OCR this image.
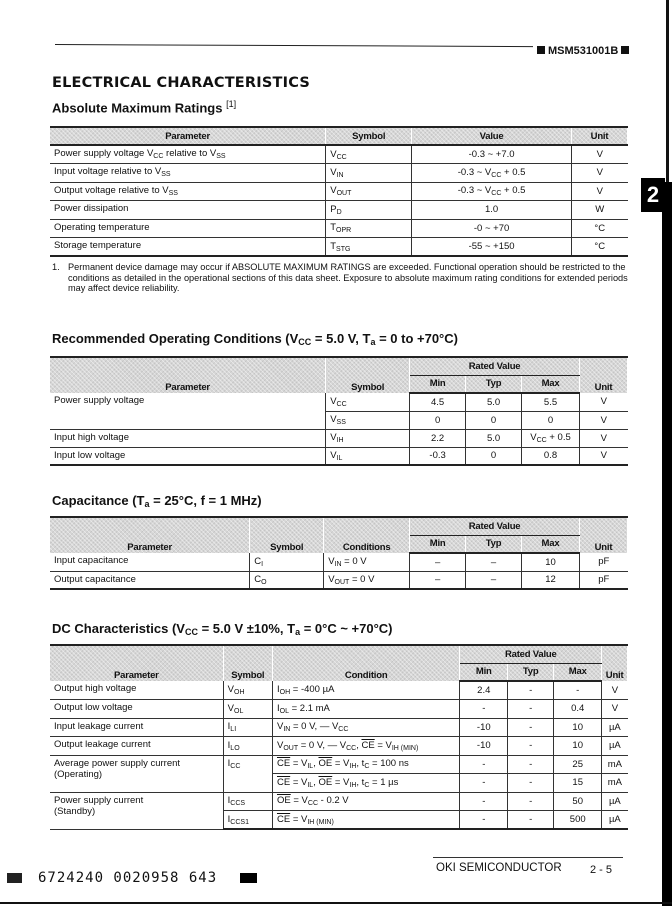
2
MSM531001B
ELECTRICAL CHARACTERISTICS
Absolute Maximum Ratings [1]
Parameter	Symbol	Value	Unit
Power supply voltage $V_{CC}$ relative to $V_{SS}$	$V_{CC}$	-0.3 ~ +7.0	V
Input voltage relative to $V_{SS}$	$V_{IN}$	-0.3 ~ $V_{CC} + 0.5$	V
Output voltage relative to $V_{SS}$	$V_{OUT}$	-0.3 ~ $V_{CC} + 0.5$	V
Power dissipation	$P_D$	1.0	W
Operating temperature	$T_{OPR}$	-0 ~ +70	°C
Storage temperature	$T_{STG}$	-55 ~ +150	°C
1. Permanent device damage may occur if ABSOLUTE MAXIMUM RATINGS are exceeded. Functional operation should be restricted to the conditions as detailed in the operational sections of this data sheet. Exposure to absolute maximum rating conditions for extended periods may affect device reliability.
Recommended Operating Conditions ($V_{CC} = 5.0$ V, $T_a = 0$ to +70°C)
Parameter	Symbol	Rated Value			Unit
		Min	Typ	Max	
Power supply voltage	$V_{CC}$	4.5	5.0	5.5	V
	$V_{SS}$	0	0	0	V
Input high voltage	$V_{IH}$	2.2	5.0	$V_{CC} + 0.5$	V
Input low voltage	$V_{IL}$	-0.3	0	0.8	V
Capacitance ($T_a = 25^\circ C$, f = 1 MHz)
Parameter	Symbol	Conditions	Rated Value			Unit
			Min	Typ	Max	
Input capacitance	$C_I$	$V_{IN} = 0$ V	–	–	10	pF
Output capacitance	$C_O$	$V_{OUT} = 0$ V	–	–	12	pF
DC Characteristics ($V_{CC} = 5.0$ V ±10%, $T_a = 0^\circ C$ ~ +70°C)
Parameter	Symbol	Condition	Rated Value			Unit
			Min	Typ	Max	
Output high voltage	$V_{OH}$	$I_{OH} = -400$ µA	2.4	-	-	V
Output low voltage	$V_{OL}$	$I_{OL} = 2.1$ mA	-	-	0.4	V
Input leakage current	$I_{LI}$	$V_{IN} = 0$ V, — $V_{CC}$	-10	-	10	µA
Output leakage current	$I_{LO}$	$V_{OUT} = 0$ V, — $V_{CC}$, $\overline{CE} = V_{IH (MIN)}$	-10	-	10	µA
Average power supply current
(Operating)	$I_{CC}$	$\overline{CE} = V_{IL}$, $\overline{OE} = V_{IH}$, $t_C = 100$ ns	-	-	25	mA
		$\overline{CE} = V_{IL}$, $\overline{OE} = V_{IH}$, $t_C = 1$ µs	-	-	15	mA
Power supply current
(Standby)	$I_{CCS}$	$\overline{OE} = V_{CC} - 0.2$ V	-	-	50	µA
	$I_{CCS1}$	$\overline{CE} = V_{IH (MIN)}$	-	-	500	µA
OKI SEMICONDUCTOR	2 - 5
6724240 0020958 643
